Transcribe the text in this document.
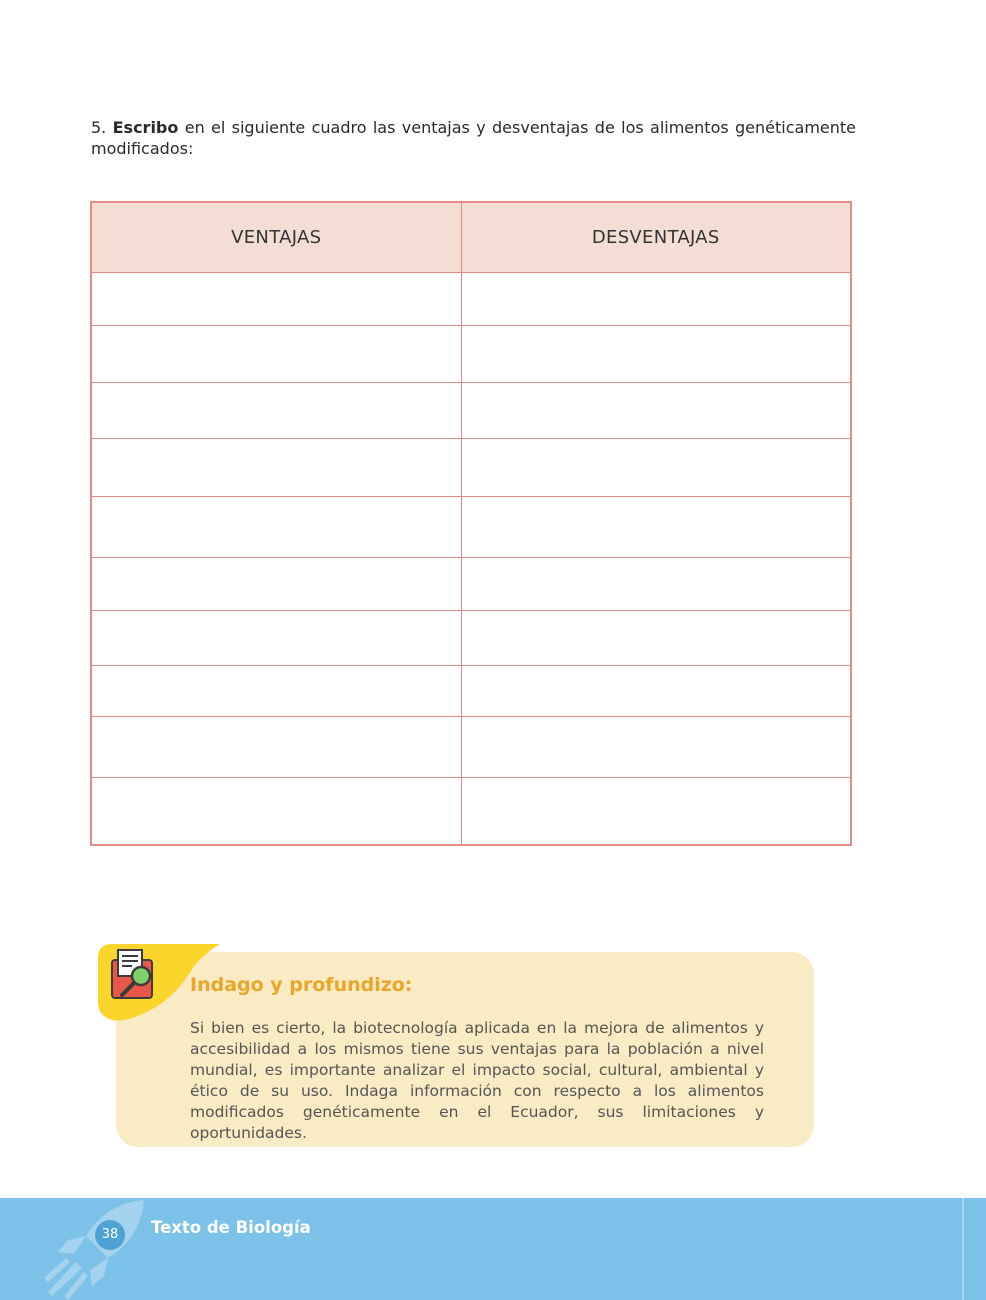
5. Escribo en el siguiente cuadro las ventajas y desventajas de los alimentos genéticamente modificados:

VENTAJAS	DESVENTAJAS

Indago y profundizo:

Si bien es cierto, la biotecnología aplicada en la mejora de alimentos y accesibilidad a los mismos tiene sus ventajas para la población a nivel mundial, es importante analizar el impacto social, cultural, ambiental y ético de su uso. Indaga información con respecto a los alimentos modificados genéticamente en el Ecuador, sus limitaciones y oportunidades.

38	Texto de Biología
